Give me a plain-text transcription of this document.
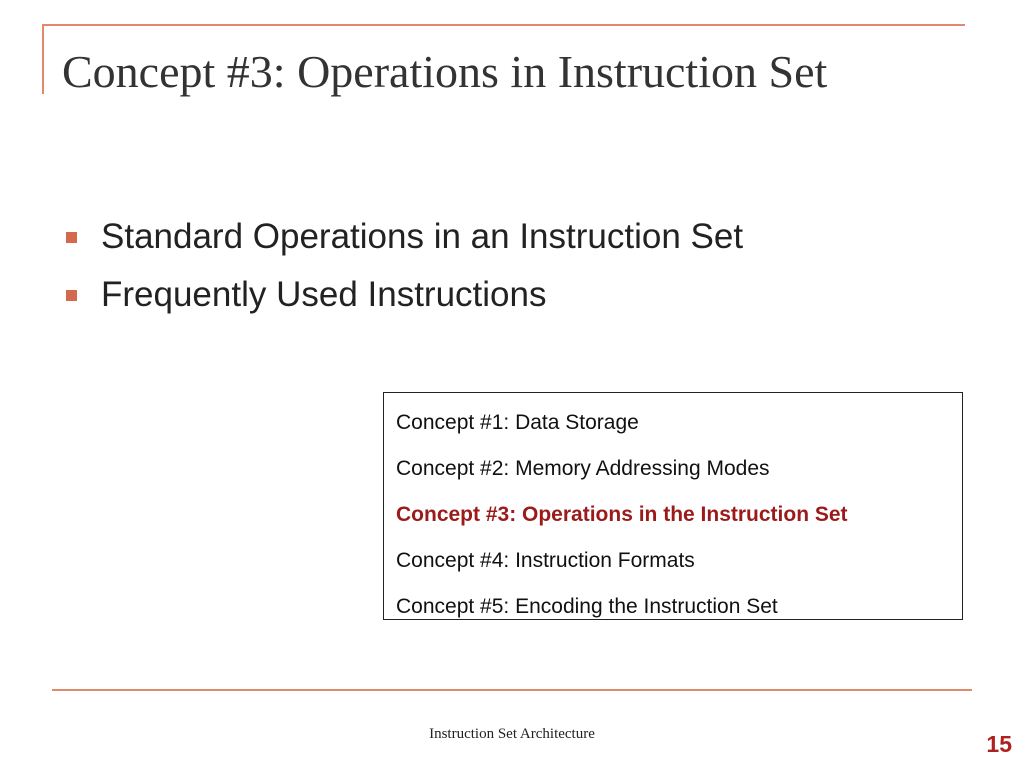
Concept #3: Operations in Instruction Set
Standard Operations in an Instruction Set
Frequently Used Instructions
Concept #1: Data Storage
Concept #2: Memory Addressing Modes
Concept #3: Operations in the Instruction Set
Concept #4: Instruction Formats
Concept #5: Encoding the Instruction Set
Instruction Set Architecture	15
